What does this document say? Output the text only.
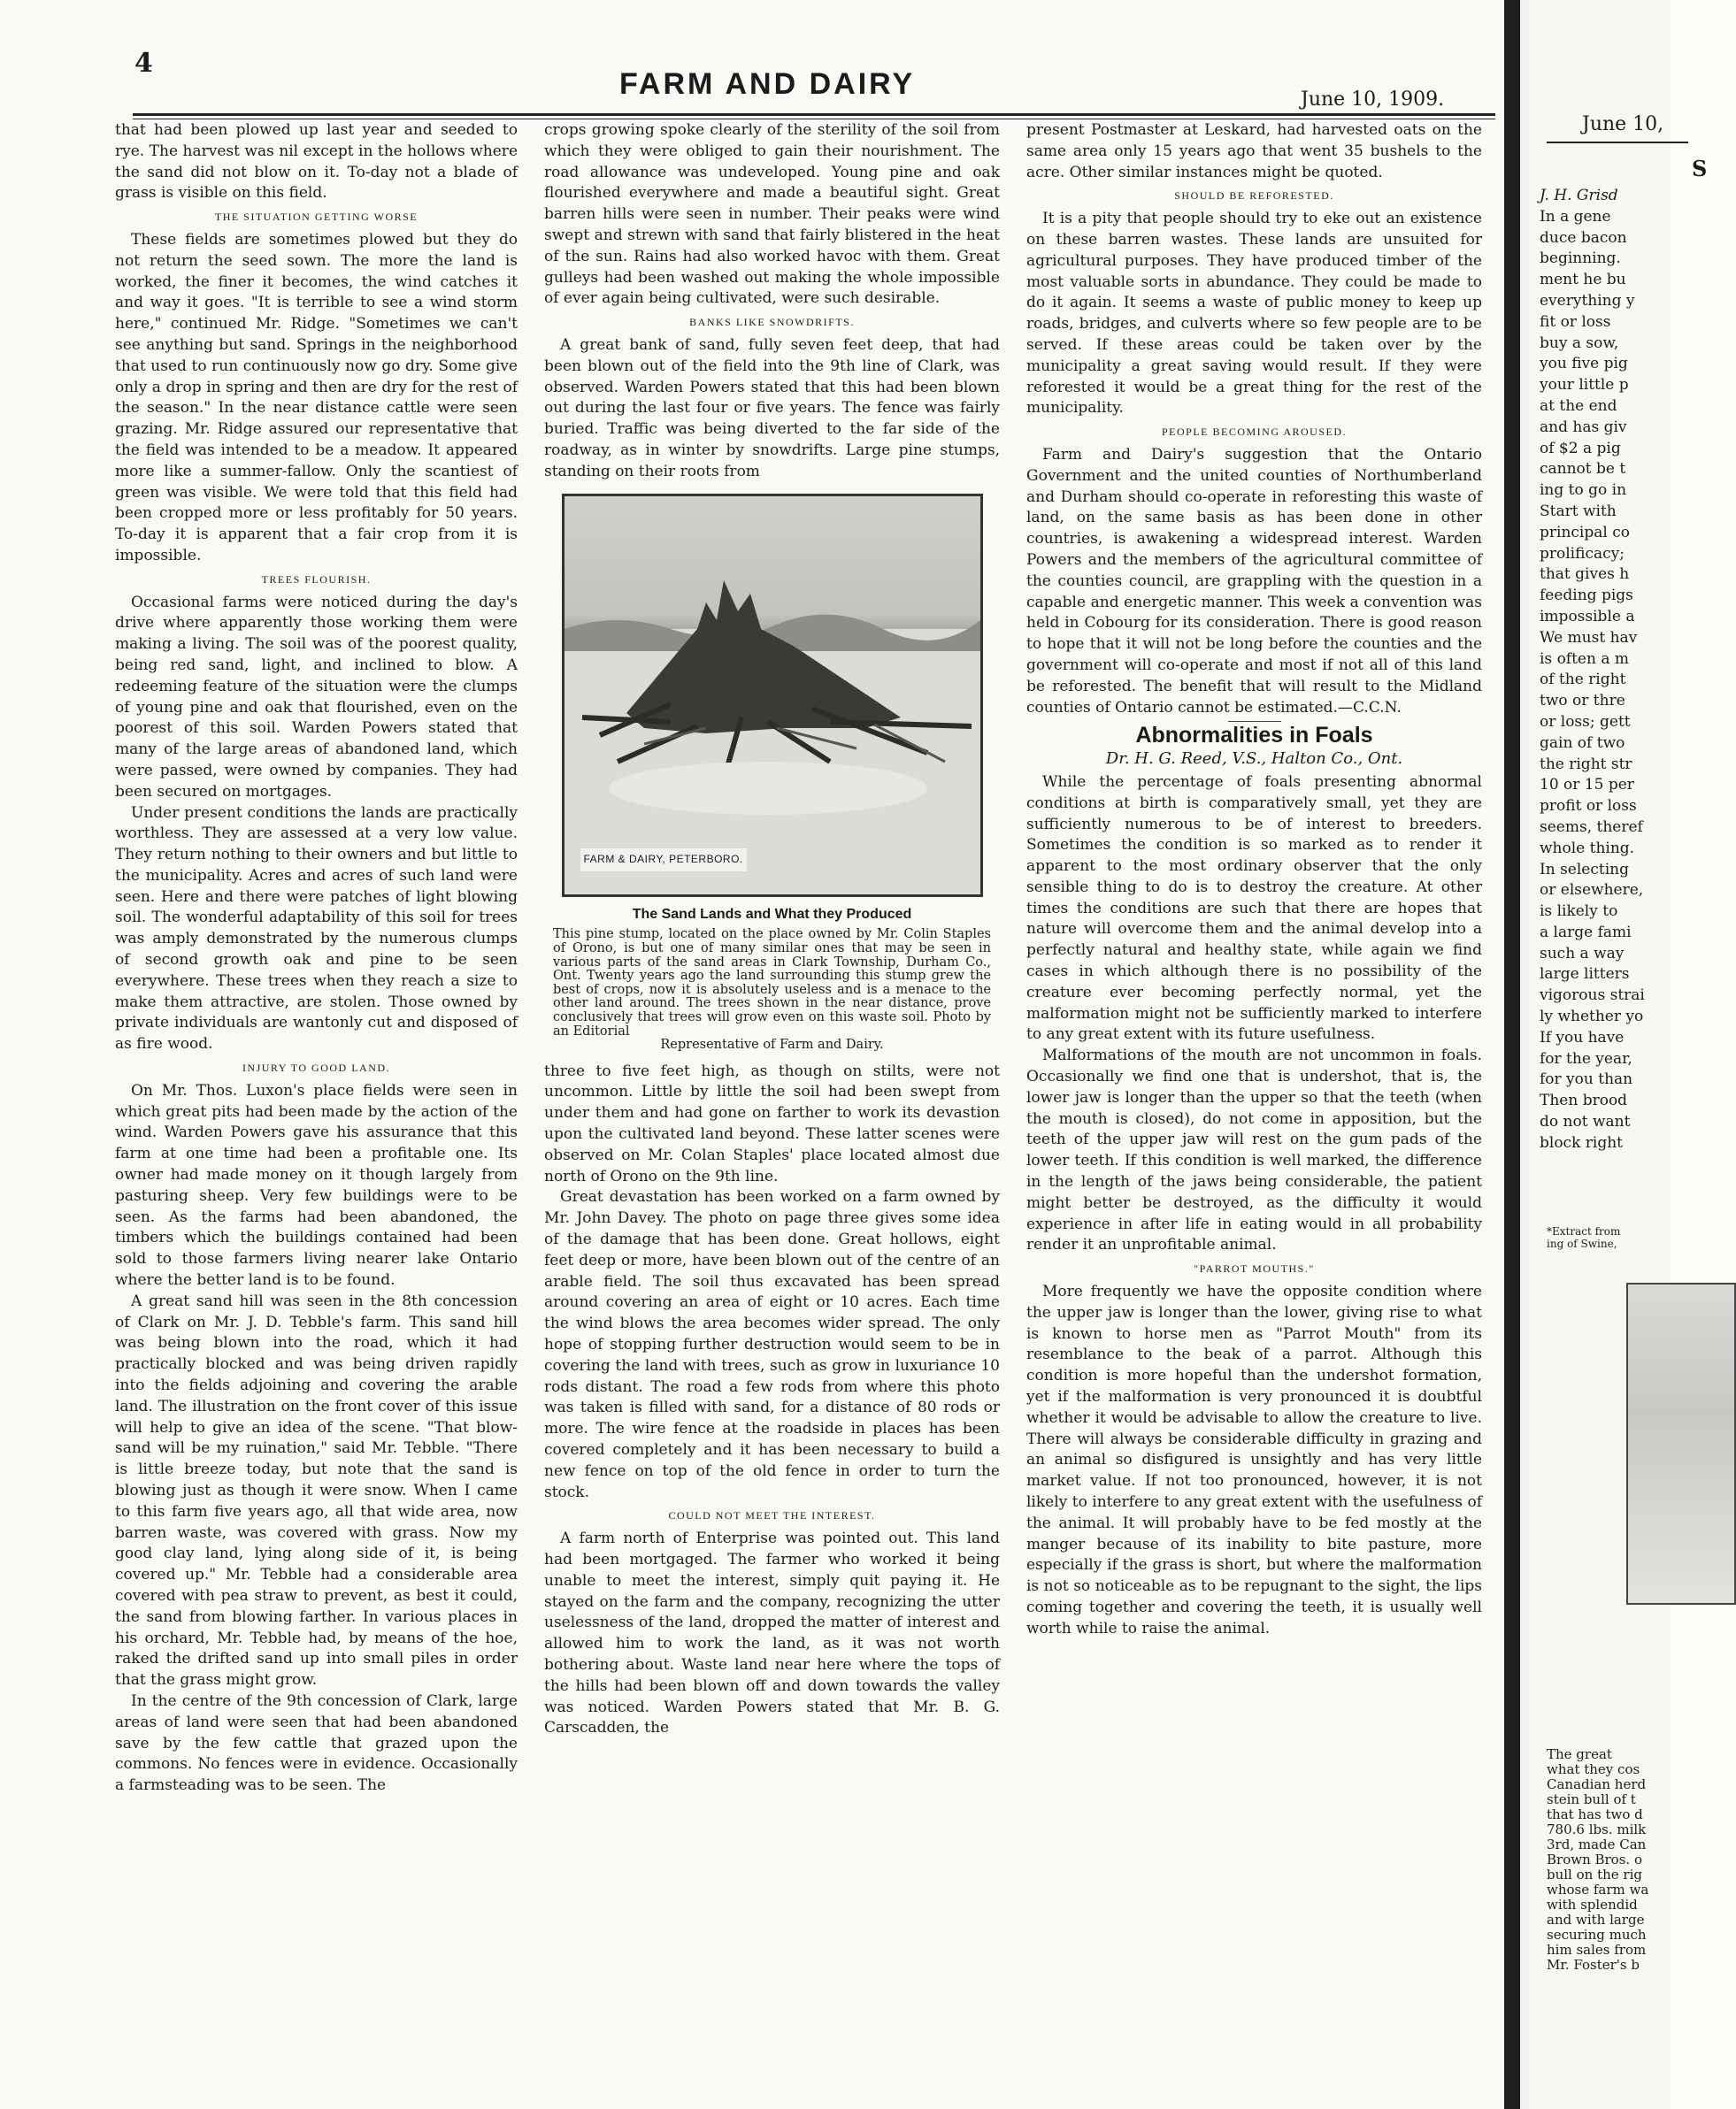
4
FARM AND DAIRY	June 10, 1909.

that had been plowed up last year and seeded to rye. The harvest was nil except in the hollows where the sand did not blow on it. To-day not a blade of grass is visible on this field.

THE SITUATION GETTING WORSE

These fields are sometimes plowed but they do not return the seed sown. The more the land is worked, the finer it becomes, the wind catches it and way it goes. "It is terrible to see a wind storm here," continued Mr. Ridge. "Sometimes we can't see anything but sand. Springs in the neighborhood that used to run continuously now go dry. Some give only a drop in spring and then are dry for the rest of the season." In the near distance cattle were seen grazing. Mr. Ridge assured our representative that the field was intended to be a meadow. It appeared more like a summer-fallow. Only the scantiest of green was visible. We were told that this field had been cropped more or less profitably for 50 years. To-day it is apparent that a fair crop from it is impossible.

TREES FLOURISH.

Occasional farms were noticed during the day's drive where apparently those working them were making a living. The soil was of the poorest quality, being red sand, light, and inclined to blow. A redeeming feature of the situation were the clumps of young pine and oak that flourished, even on the poorest of this soil. Warden Powers stated that many of the large areas of abandoned land, which were passed, were owned by companies. They had been secured on mortgages.

Under present conditions the lands are practically worthless. They are assessed at a very low value. They return nothing to their owners and but little to the municipality. Acres and acres of such land were seen. Here and there were patches of light blowing soil. The wonderful adaptability of this soil for trees was amply demonstrated by the numerous clumps of second growth oak and pine to be seen everywhere. These trees when they reach a size to make them attractive, are stolen. Those owned by private individuals are wantonly cut and disposed of as fire wood.

INJURY TO GOOD LAND.

On Mr. Thos. Luxon's place fields were seen in which great pits had been made by the action of the wind. Warden Powers gave his assurance that this farm at one time had been a profitable one. Its owner had made money on it though largely from pasturing sheep. Very few buildings were to be seen. As the farms had been abandoned, the timbers which the buildings contained had been sold to those farmers living nearer lake Ontario where the better land is to be found.

A great sand hill was seen in the 8th concession of Clark on Mr. J. D. Tebble's farm. This sand hill was being blown into the road, which it had practically blocked and was being driven rapidly into the fields adjoining and covering the arable land. The illustration on the front cover of this issue will help to give an idea of the scene. "That blow-sand will be my ruination," said Mr. Tebble. "There is little breeze today, but note that the sand is blowing just as though it were snow. When I came to this farm five years ago, all that wide area, now barren waste, was covered with grass. Now my good clay land, lying along side of it, is being covered up." Mr. Tebble had a considerable area covered with pea straw to prevent, as best it could, the sand from blowing farther. In various places in his orchard, Mr. Tebble had, by means of the hoe, raked the drifted sand up into small piles in order that the grass might grow.

In the centre of the 9th concession of Clark, large areas of land were seen that had been abandoned save by the few cattle that grazed upon the commons. No fences were in evidence. Occasionally a farmsteading was to be seen. The

crops growing spoke clearly of the sterility of the soil from which they were obliged to gain their nourishment. The road allowance was undeveloped. Young pine and oak flourished everywhere and made a beautiful sight. Great barren hills were seen in number. Their peaks were wind swept and strewn with sand that fairly blistered in the heat of the sun. Rains had also worked havoc with them. Great gulleys had been washed out making the whole impossible of ever again being cultivated, were such desirable.

BANKS LIKE SNOWDRIFTS.

A great bank of sand, fully seven feet deep, that had been blown out of the field into the 9th line of Clark, was observed. Warden Powers stated that this had been blown out during the last four or five years. The fence was fairly buried. Traffic was being diverted to the far side of the roadway, as in winter by snowdrifts. Large pine stumps, standing on their roots from

FARM & DAIRY, PETERBORO.
The Sand Lands and What they Produced
This pine stump, located on the place owned by Mr. Colin Staples of Orono, is but one of many similar ones that may be seen in various parts of the sand areas in Clark Township, Durham Co., Ont. Twenty years ago the land surrounding this stump grew the best of crops, now it is absolutely useless and is a menace to the other land around. The trees shown in the near distance, prove conclusively that trees will grow even on this waste soil. Photo by an Editorial
Representative of Farm and Dairy.

three to five feet high, as though on stilts, were not uncommon. Little by little the soil had been swept from under them and had gone on farther to work its devastion upon the cultivated land beyond. These latter scenes were observed on Mr. Colan Staples' place located almost due north of Orono on the 9th line.

Great devastation has been worked on a farm owned by Mr. John Davey. The photo on page three gives some idea of the damage that has been done. Great hollows, eight feet deep or more, have been blown out of the centre of an arable field. The soil thus excavated has been spread around covering an area of eight or 10 acres. Each time the wind blows the area becomes wider spread. The only hope of stopping further destruction would seem to be in covering the land with trees, such as grow in luxuriance 10 rods distant. The road a few rods from where this photo was taken is filled with sand, for a distance of 80 rods or more. The wire fence at the roadside in places has been covered completely and it has been necessary to build a new fence on top of the old fence in order to turn the stock.

COULD NOT MEET THE INTEREST.

A farm north of Enterprise was pointed out. This land had been mortgaged. The farmer who worked it being unable to meet the interest, simply quit paying it. He stayed on the farm and the company, recognizing the utter uselessness of the land, dropped the matter of interest and allowed him to work the land, as it was not worth bothering about. Waste land near here where the tops of the hills had been blown off and down towards the valley was noticed. Warden Powers stated that Mr. B. G. Carscadden, the

present Postmaster at Leskard, had harvested oats on the same area only 15 years ago that went 35 bushels to the acre. Other similar instances might be quoted.

SHOULD BE REFORESTED.

It is a pity that people should try to eke out an existence on these barren wastes. These lands are unsuited for agricultural purposes. They have produced timber of the most valuable sorts in abundance. They could be made to do it again. It seems a waste of public money to keep up roads, bridges, and culverts where so few people are to be served. If these areas could be taken over by the municipality a great saving would result. If they were reforested it would be a great thing for the rest of the municipality.

PEOPLE BECOMING AROUSED.

Farm and Dairy's suggestion that the Ontario Government and the united counties of Northumberland and Durham should co-operate in reforesting this waste of land, on the same basis as has been done in other countries, is awakening a widespread interest. Warden Powers and the members of the agricultural committee of the counties council, are grappling with the question in a capable and energetic manner. This week a convention was held in Cobourg for its consideration. There is good reason to hope that it will not be long before the counties and the government will co-operate and most if not all of this land be reforested. The benefit that will result to the Midland counties of Ontario cannot be estimated.—C.C.N.

Abnormalities in Foals
Dr. H. G. Reed, V.S., Halton Co., Ont.

While the percentage of foals presenting abnormal conditions at birth is comparatively small, yet they are sufficiently numerous to be of interest to breeders. Sometimes the condition is so marked as to render it apparent to the most ordinary observer that the only sensible thing to do is to destroy the creature. At other times the conditions are such that there are hopes that nature will overcome them and the animal develop into a perfectly natural and healthy state, while again we find cases in which although there is no possibility of the creature ever becoming perfectly normal, yet the malformation might not be sufficiently marked to interfere to any great extent with its future usefulness.

Malformations of the mouth are not uncommon in foals. Occasionally we find one that is undershot, that is, the lower jaw is longer than the upper so that the teeth (when the mouth is closed), do not come in apposition, but the teeth of the upper jaw will rest on the gum pads of the lower teeth. If this condition is well marked, the difference in the length of the jaws being considerable, the patient might better be destroyed, as the difficulty it would experience in after life in eating would in all probability render it an unprofitable animal.

"PARROT MOUTHS."

More frequently we have the opposite condition where the upper jaw is longer than the lower, giving rise to what is known to horse men as "Parrot Mouth" from its resemblance to the beak of a parrot. Although this condition is more hopeful than the undershot formation, yet if the malformation is very pronounced it is doubtful whether it would be advisable to allow the creature to live. There will always be considerable difficulty in grazing and an animal so disfigured is unsightly and has very little market value. If not too pronounced, however, it is not likely to interfere to any great extent with the usefulness of the animal. It will probably have to be fed mostly at the manger because of its inability to bite pasture, more especially if the grass is short, but where the malformation is not so noticeable as to be repugnant to the sight, the lips coming together and covering the teeth, it is usually well worth while to raise the animal.

June 10,
S
J. H. Grisd
In a gene
duce bacon
beginning.
ment he bu
everything y
fit or loss
buy a sow,
you five pig
your little p
at the end
and has giv
of $2 a pig
cannot be t
ing to go in
Start with
principal co
prolificacy;
that gives h
feeding pigs
impossible a
We must hav
is often a m
of the right
two or thre
or loss; gett
gain of two
the right str
10 or 15 per
profit or loss
seems, theref
whole thing.
In selecting
or elsewhere,
is likely to
a large fami
such a way
large litters
vigorous strai
ly whether yo
If you have
for the year,
for you than
Then brood
do not want
block right
*Extract from
ing of Swine,
The great
what they cos
Canadian herd
stein bull of t
that has two d
780.6 lbs. milk
3rd, made Can
Brown Bros. o
bull on the rig
whose farm wa
with splendid
and with large
securing much
him sales from
Mr. Foster's b
